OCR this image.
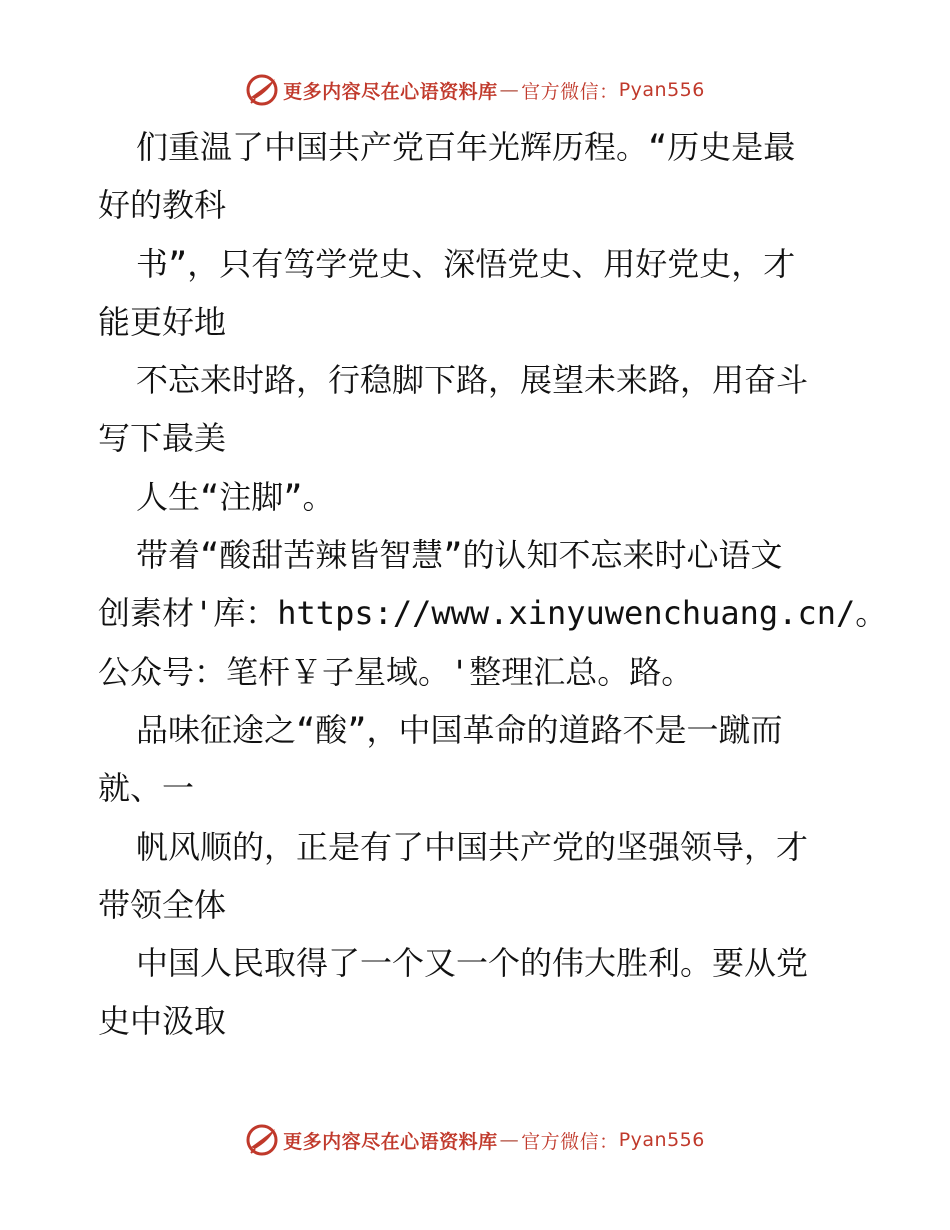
更多内容尽在心语资料库 — 官方微信： Pyan556
们重温了中国共产党百年光辉历程。“历史是最
好的教科
书”，只有笃学党史、深悟党史、用好党史，才
能更好地
不忘来时路，行稳脚下路，展望未来路，用奋斗
写下最美
人生“注脚”。
带着“酸甜苦辣皆智慧”的认知不忘来时心语文
创素材'库：https://www.xinyuwenchuang.cn/。
公众号：笔杆￥子星域。'整理汇总。路。
品味征途之“酸”，中国革命的道路不是一蹴而
就、一
帆风顺的，正是有了中国共产党的坚强领导，才
带领全体
中国人民取得了一个又一个的伟大胜利。要从党
史中汲取
更多内容尽在心语资料库 — 官方微信： Pyan556
